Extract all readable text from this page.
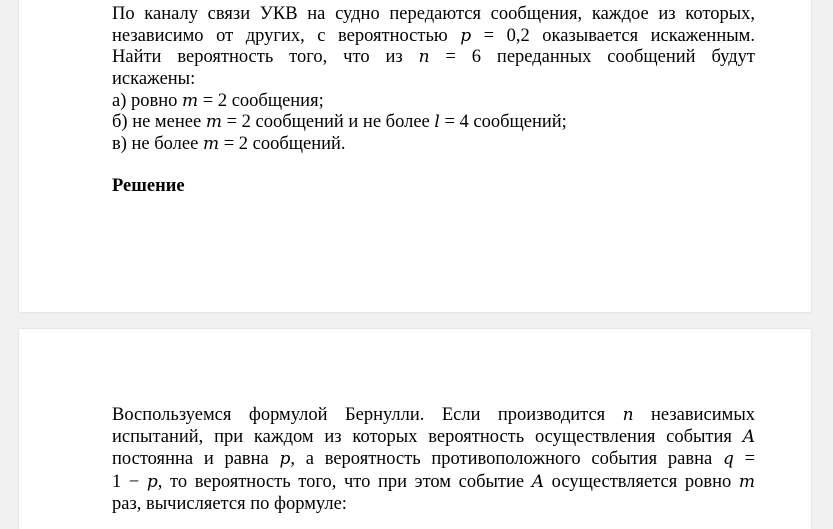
По каналу связи УКВ на судно передаются сообщения, каждое из которых,
независимо от других, с вероятностью p = 0,2 оказывается искаженным.
Найти вероятность того, что из n = 6 переданных сообщений будут
искажены:
а) ровно m = 2 сообщения;
б) не менее m = 2 сообщений и не более l = 4 сообщений;
в) не более m = 2 сообщений.
Решение
Воспользуемся формулой Бернулли. Если производится n независимых
испытаний, при каждом из которых вероятность осуществления события A
постоянна и равна p, а вероятность противоположного события равна q =
1 − p, то вероятность того, что при этом событие A осуществляется ровно m
раз, вычисляется по формуле:
